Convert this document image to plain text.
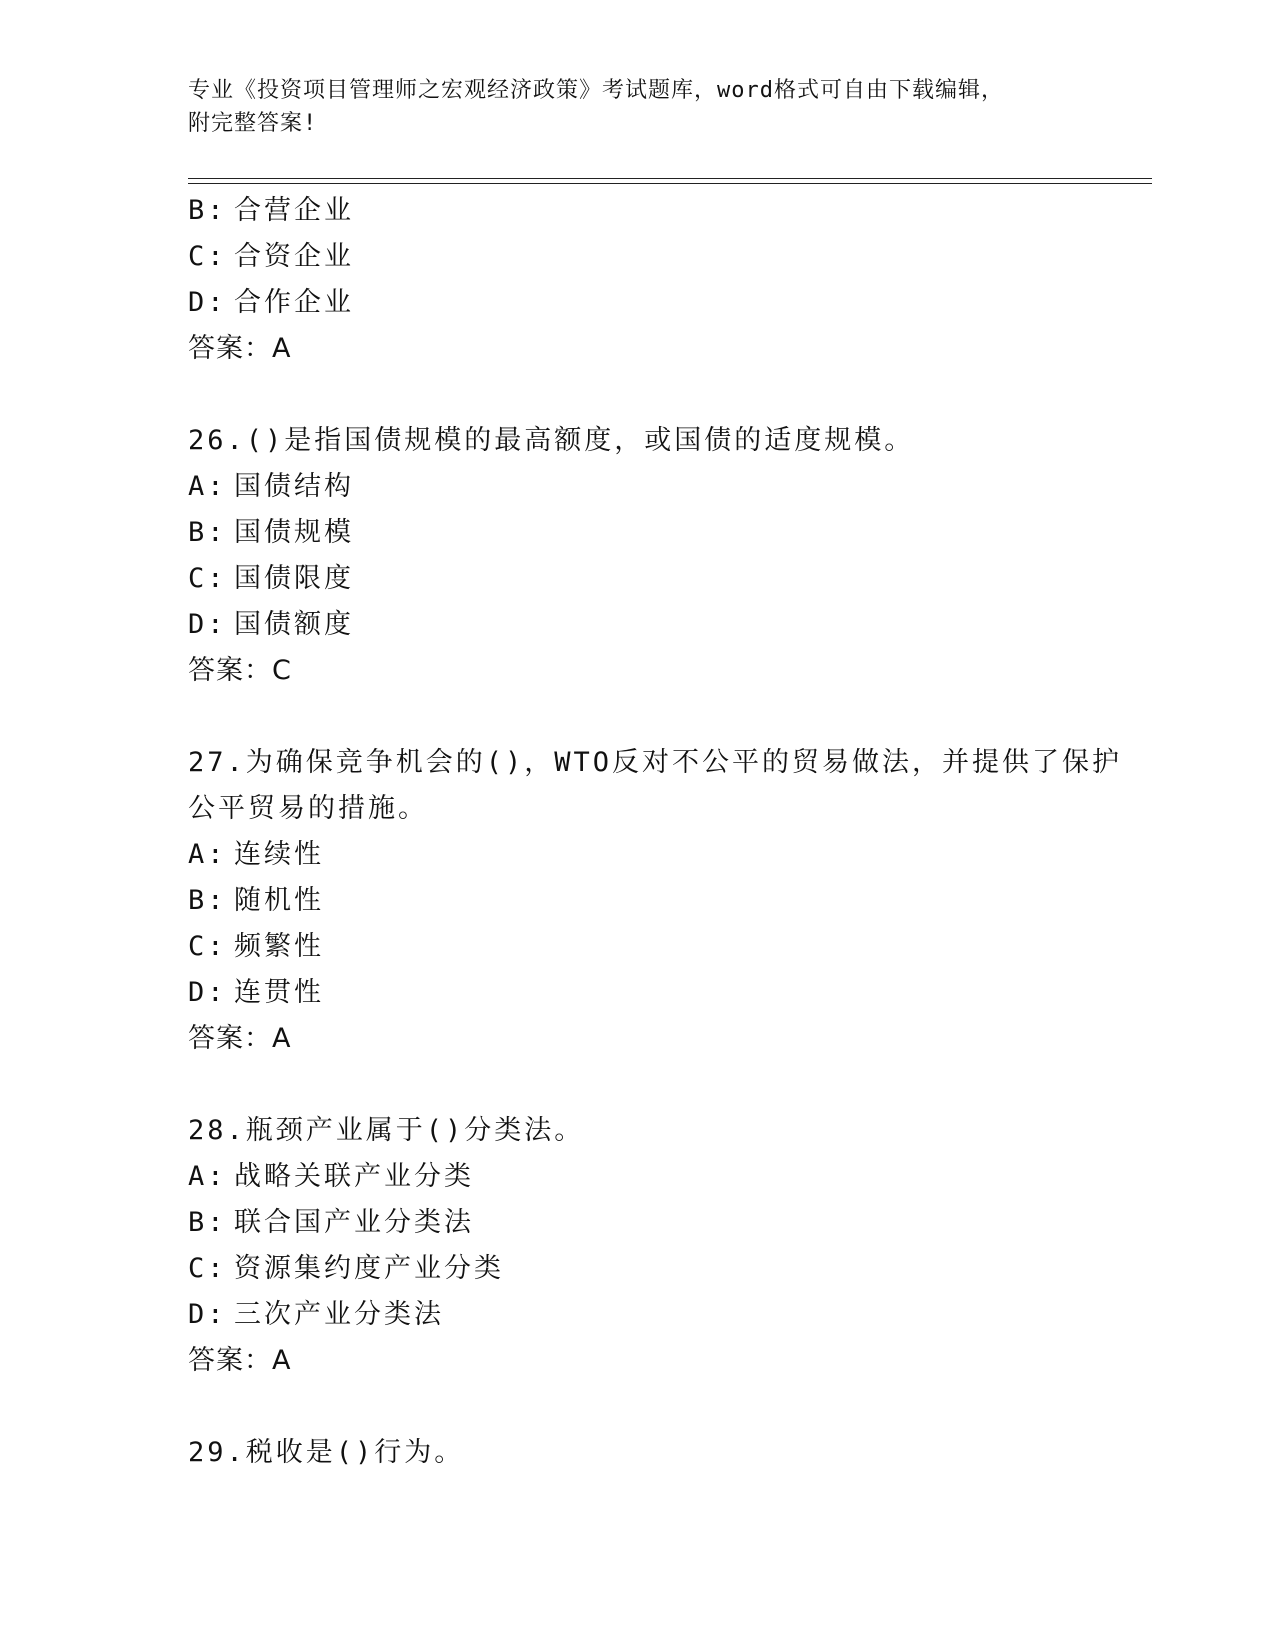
专业《投资项目管理师之宏观经济政策》考试题库，word格式可自由下载编辑，
附完整答案!
B: 合营企业
C: 合资企业
D: 合作企业
答案：A
26.()是指国债规模的最高额度，或国债的适度规模。
A: 国债结构
B: 国债规模
C: 国债限度
D: 国债额度
答案：C
27.为确保竞争机会的()，WTO反对不公平的贸易做法，并提供了保护
公平贸易的措施。
A: 连续性
B: 随机性
C: 频繁性
D: 连贯性
答案：A
28.瓶颈产业属于()分类法。
A: 战略关联产业分类
B: 联合国产业分类法
C: 资源集约度产业分类
D: 三次产业分类法
答案：A
29.税收是()行为。
